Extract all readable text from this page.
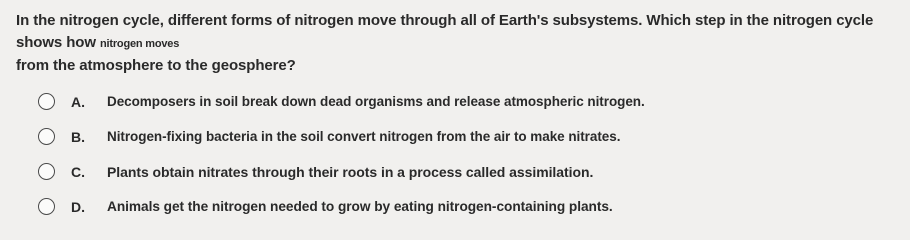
In the nitrogen cycle, different forms of nitrogen move through all of Earth's subsystems. Which step in the nitrogen cycle shows how nitrogen moves
from the atmosphere to the geosphere?
A.	Decomposers in soil break down dead organisms and release atmospheric nitrogen.
B.	Nitrogen-fixing bacteria in the soil convert nitrogen from the air to make nitrates.
C.	Plants obtain nitrates through their roots in a process called assimilation.
D.	Animals get the nitrogen needed to grow by eating nitrogen-containing plants.
